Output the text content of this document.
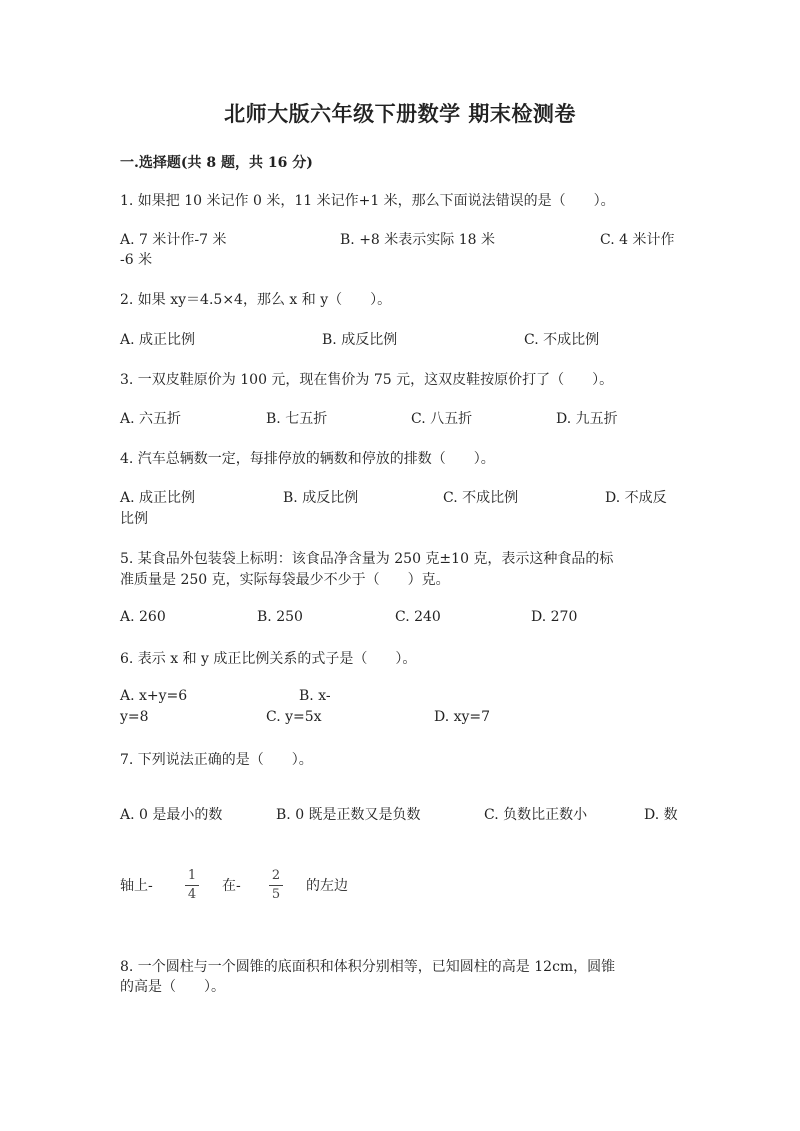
北师大版六年级下册数学 期末检测卷
一.选择题(共 8 题，共 16 分)
1. 如果把 10 米记作 0 米，11 米记作+1 米，那么下面说法错误的是（　　）。
A. 7 米计作-7 米	B. +8 米表示实际 18 米	C. 4 米计作
-6 米
2. 如果 xy＝4.5×4，那么 x 和 y（　　）。
A. 成正比例	B. 成反比例	C. 不成比例
3. 一双皮鞋原价为 100 元，现在售价为 75 元，这双皮鞋按原价打了（　　）。
A. 六五折	B. 七五折	C. 八五折	D. 九五折
4. 汽车总辆数一定，每排停放的辆数和停放的排数（　　）。
A. 成正比例	B. 成反比例	C. 不成比例	D. 不成反
比例
5. 某食品外包装袋上标明：该食品净含量为 250 克±10 克，表示这种食品的标
准质量是 250 克，实际每袋最少不少于（　　）克。
A. 260	B. 250	C. 240	D. 270
6. 表示 x 和 y 成正比例关系的式子是（　　）。
A. x+y=6	B. x-
y=8	C. y=5x	D. xy=7
7. 下列说法正确的是（　　）。
A. 0 是最小的数	B. 0 既是正数又是负数	C. 负数比正数小	D. 数
轴上-
1
4
在-
2
5
的左边
8. 一个圆柱与一个圆锥的底面积和体积分别相等，已知圆柱的高是 12cm，圆锥
的高是（　　）。
